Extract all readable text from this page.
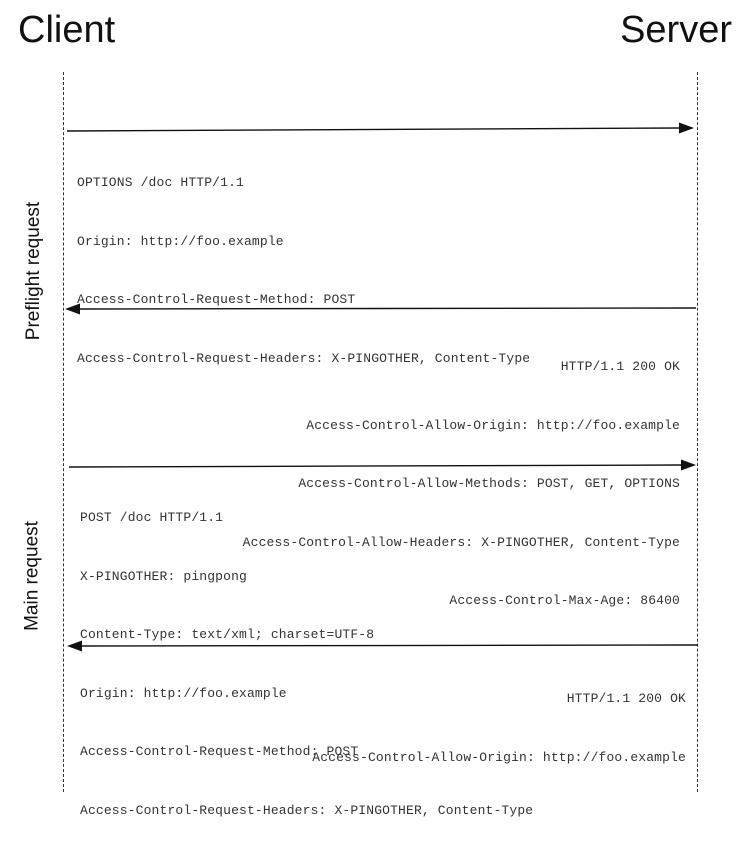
Client	Server
Preflight request
Main request

OPTIONS /doc HTTP/1.1

Origin: http://foo.example

Access-Control-Request-Method: POST

Access-Control-Request-Headers: X-PINGOTHER, Content-Type

HTTP/1.1 200 OK

Access-Control-Allow-Origin: http://foo.example

Access-Control-Allow-Methods: POST, GET, OPTIONS

Access-Control-Allow-Headers: X-PINGOTHER, Content-Type

Access-Control-Max-Age: 86400

POST /doc HTTP/1.1

X-PINGOTHER: pingpong

Content-Type: text/xml; charset=UTF-8

Origin: http://foo.example

Access-Control-Request-Method: POST

Access-Control-Request-Headers: X-PINGOTHER, Content-Type

HTTP/1.1 200 OK

Access-Control-Allow-Origin: http://foo.example
